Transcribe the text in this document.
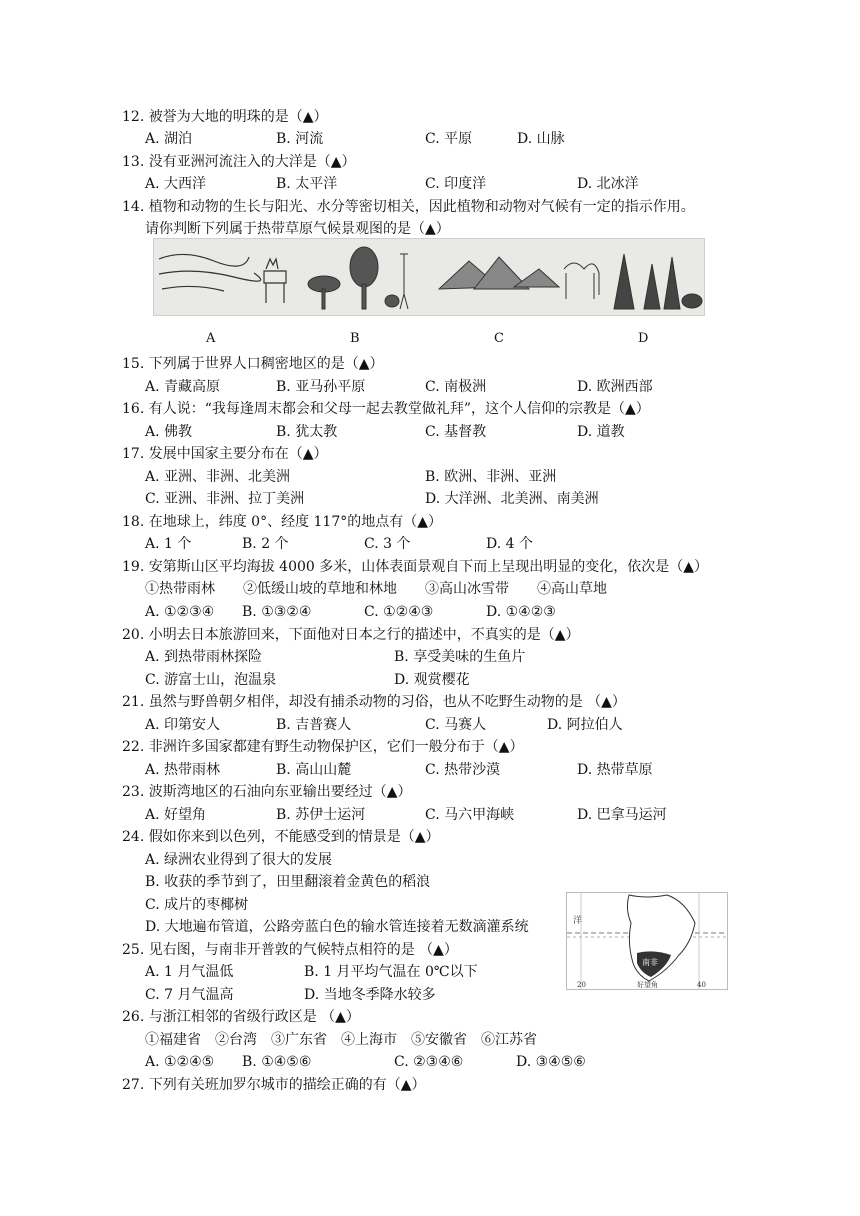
12. 被誉为大地的明珠的是（▲）
A. 湖泊	B. 河流	C. 平原	D. 山脉
13. 没有亚洲河流注入的大洋是（▲）
A. 大西洋	B. 太平洋	C. 印度洋	D. 北冰洋
14. 植物和动物的生长与阳光、水分等密切相关，因此植物和动物对气候有一定的指示作用。
请你判断下列属于热带草原气候景观图的是（▲）
A	B	C	D
15. 下列属于世界人口稠密地区的是（▲）
A. 青藏高原	B. 亚马孙平原	C. 南极洲	D. 欧洲西部
16. 有人说：“我每逢周末都会和父母一起去教堂做礼拜”，这个人信仰的宗教是（▲）
A. 佛教	B. 犹太教	C. 基督教	D. 道教
17. 发展中国家主要分布在（▲）
A. 亚洲、非洲、北美洲	B. 欧洲、非洲、亚洲
C. 亚洲、非洲、拉丁美洲	D. 大洋洲、北美洲、南美洲
18. 在地球上，纬度 0°、经度 117°的地点有（▲）
A. 1 个	B. 2 个	C. 3 个	D. 4 个
19. 安第斯山区平均海拔 4000 多米，山体表面景观自下而上呈现出明显的变化，依次是（▲）
①热带雨林　　②低缓山坡的草地和林地　　③高山冰雪带　　④高山草地
A. ①②③④ B. ①③②④	C. ①②④③	D. ①④②③
20. 小明去日本旅游回来，下面他对日本之行的描述中，不真实的是（▲）
A. 到热带雨林探险	B. 享受美味的生鱼片
C. 游富士山，泡温泉	D. 观赏樱花
21. 虽然与野兽朝夕相伴，却没有捕杀动物的习俗，也从不吃野生动物的是 （▲）
A. 印第安人	B. 吉普赛人	C. 马赛人	D. 阿拉伯人
22. 非洲许多国家都建有野生动物保护区，它们一般分布于（▲）
A. 热带雨林	B. 高山山麓	C. 热带沙漠	D. 热带草原
23. 波斯湾地区的石油向东亚输出要经过（▲）
A. 好望角	B. 苏伊士运河	C. 马六甲海峡	D. 巴拿马运河
24. 假如你来到以色列，不能感受到的情景是（▲）
A. 绿洲农业得到了很大的发展
B. 收获的季节到了，田里翻滚着金黄色的稻浪
C. 成片的枣椰树
D. 大地遍布管道，公路旁蓝白色的输水管连接着无数滴灌系统	洋
南非
好望角
20	40
25. 见右图，与南非开普敦的气候特点相符的是 （▲）
A. 1 月气温低	B. 1 月平均气温在 0℃以下
C. 7 月气温高	D. 当地冬季降水较多
26. 与浙江相邻的省级行政区是 （▲）
①福建省　②台湾　③广东省　④上海市　⑤安徽省　⑥江苏省
A. ①②④⑤ B. ①④⑤⑥	C. ②③④⑥	D. ③④⑤⑥
27. 下列有关班加罗尔城市的描绘正确的有（▲）
